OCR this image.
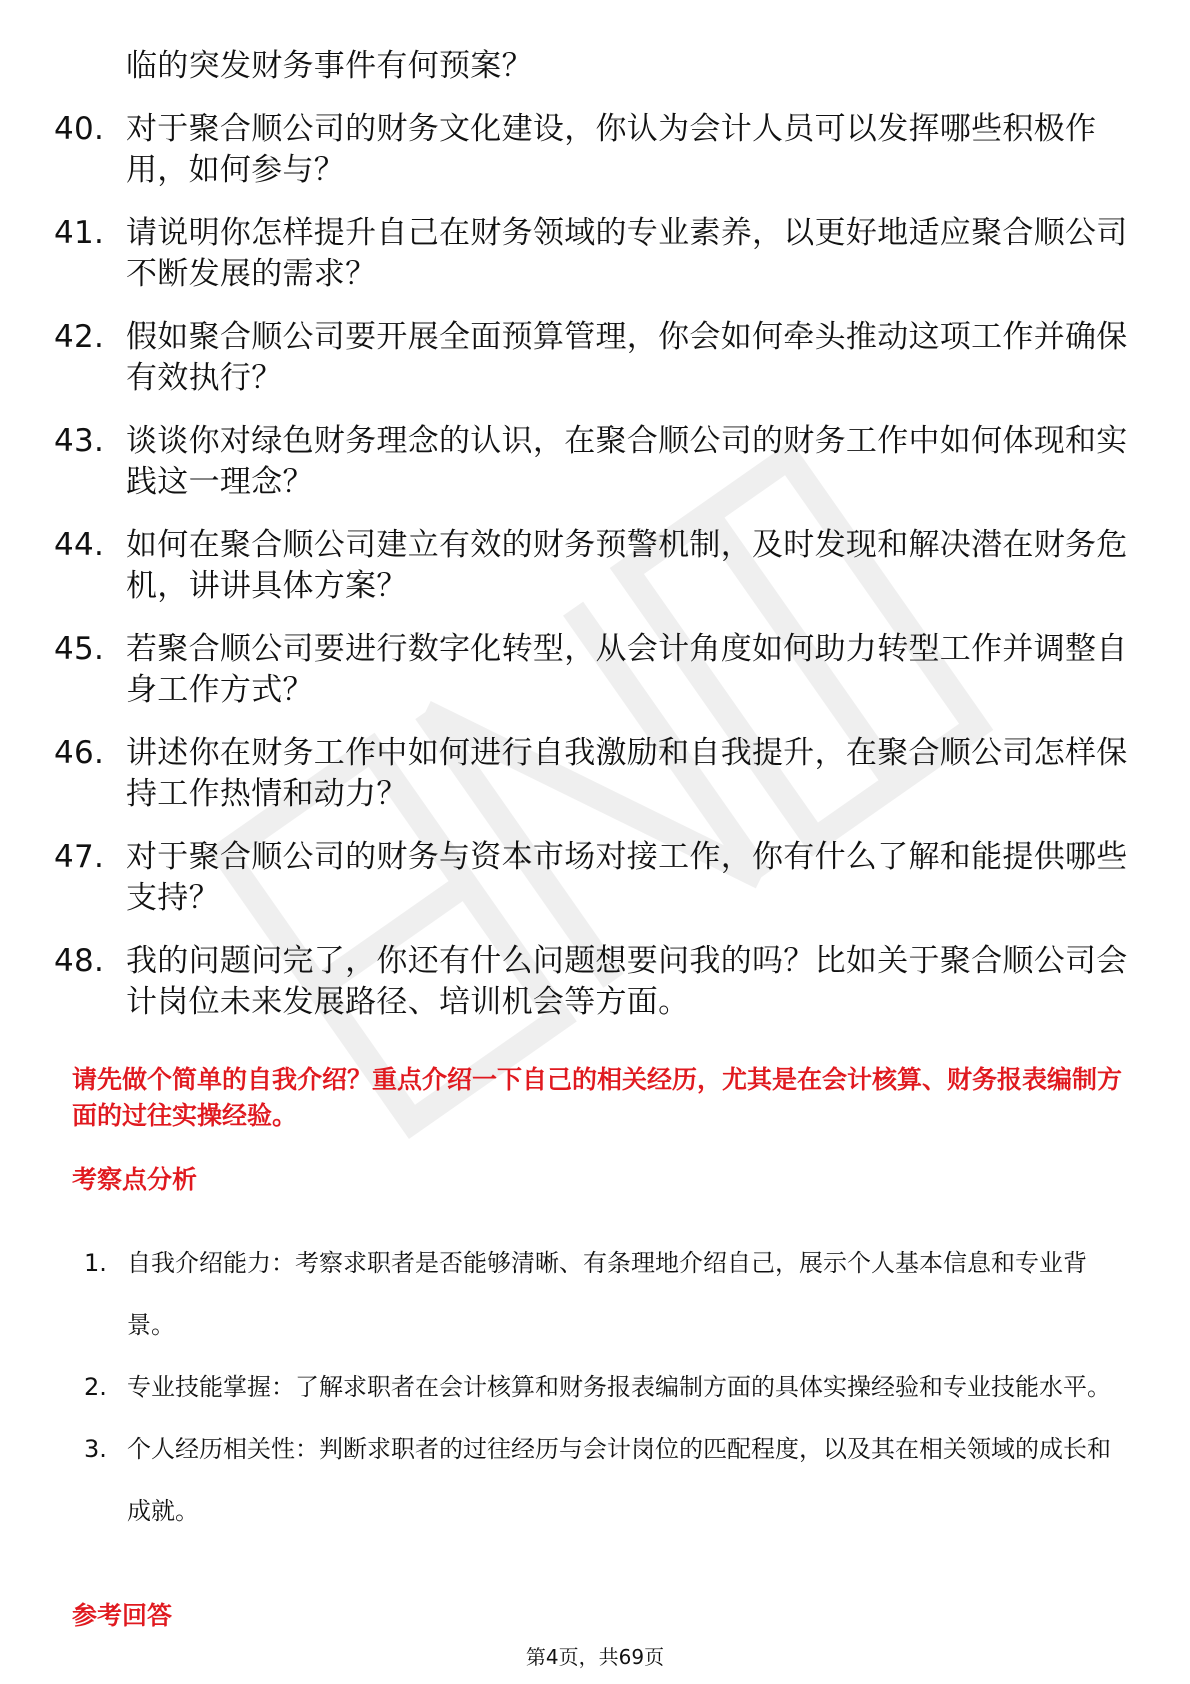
临的突发财务事件有何预案？
40. 对于聚合顺公司的财务文化建设，你认为会计人员可以发挥哪些积极作用，如何参与？
41. 请说明你怎样提升自己在财务领域的专业素养，以更好地适应聚合顺公司不断发展的需求？
42. 假如聚合顺公司要开展全面预算管理，你会如何牵头推动这项工作并确保有效执行？
43. 谈谈你对绿色财务理念的认识，在聚合顺公司的财务工作中如何体现和实践这一理念？
44. 如何在聚合顺公司建立有效的财务预警机制，及时发现和解决潜在财务危机，讲讲具体方案？
45. 若聚合顺公司要进行数字化转型，从会计角度如何助力转型工作并调整自身工作方式？
46. 讲述你在财务工作中如何进行自我激励和自我提升，在聚合顺公司怎样保持工作热情和动力？
47. 对于聚合顺公司的财务与资本市场对接工作，你有什么了解和能提供哪些支持？
48. 我的问题问完了，你还有什么问题想要问我的吗？比如关于聚合顺公司会计岗位未来发展路径、培训机会等方面。
请先做个简单的自我介绍？重点介绍一下自己的相关经历，尤其是在会计核算、财务报表编制方面的过往实操经验。
考察点分析
1. 自我介绍能力：考察求职者是否能够清晰、有条理地介绍自己，展示个人基本信息和专业背景。
2. 专业技能掌握：了解求职者在会计核算和财务报表编制方面的具体实操经验和专业技能水平。
3. 个人经历相关性：判断求职者的过往经历与会计岗位的匹配程度，以及其在相关领域的成长和成就。
参考回答
第4页，共69页
